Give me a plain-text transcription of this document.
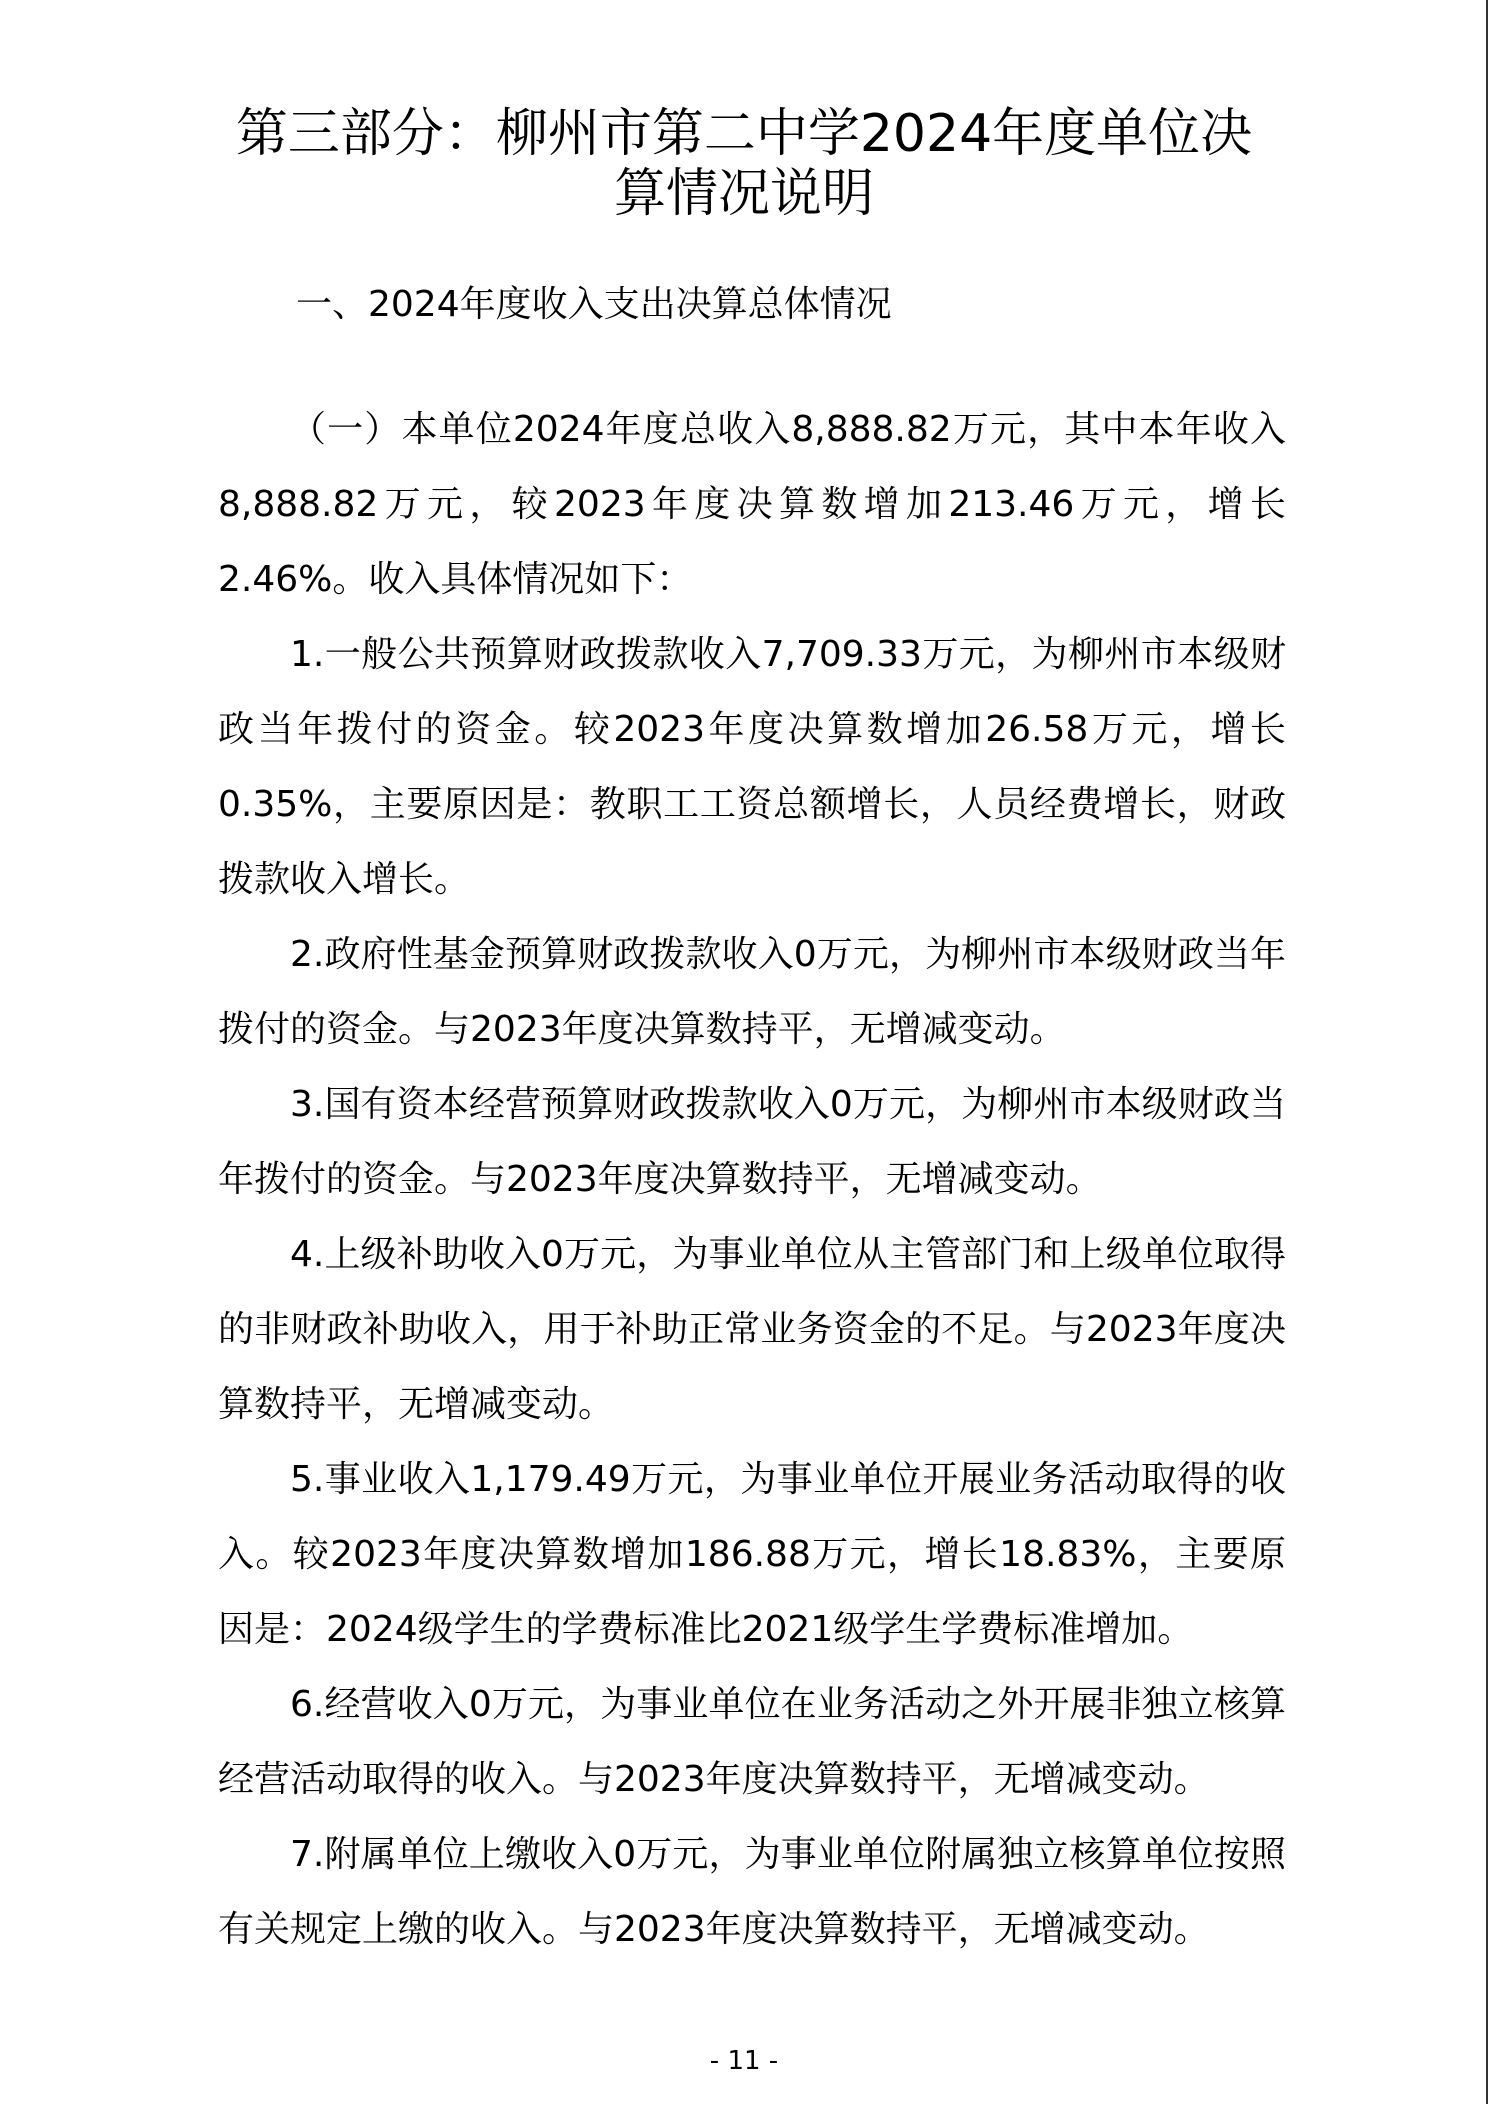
第三部分：柳州市第二中学2024年度单位决
算情况说明
一、2024年度收入支出决算总体情况

（一）本单位2024年度总收入8,888.82万元，其中本年收入8,888.82万元，较2023年度决算数增加213.46万元，增长2.46%。收入具体情况如下：

1.一般公共预算财政拨款收入7,709.33万元，为柳州市本级财政当年拨付的资金。较2023年度决算数增加26.58万元，增长0.35%，主要原因是：教职工工资总额增长，人员经费增长，财政拨款收入增长。

2.政府性基金预算财政拨款收入0万元，为柳州市本级财政当年拨付的资金。与2023年度决算数持平，无增减变动。

3.国有资本经营预算财政拨款收入0万元，为柳州市本级财政当年拨付的资金。与2023年度决算数持平，无增减变动。

4.上级补助收入0万元，为事业单位从主管部门和上级单位取得的非财政补助收入，用于补助正常业务资金的不足。与2023年度决算数持平，无增减变动。

5.事业收入1,179.49万元，为事业单位开展业务活动取得的收入。较2023年度决算数增加186.88万元，增长18.83%，主要原因是：2024级学生的学费标准比2021级学生学费标准增加。

6.经营收入0万元，为事业单位在业务活动之外开展非独立核算经营活动取得的收入。与2023年度决算数持平，无增减变动。

7.附属单位上缴收入0万元，为事业单位附属独立核算单位按照有关规定上缴的收入。与2023年度决算数持平，无增减变动。

- 11 -
